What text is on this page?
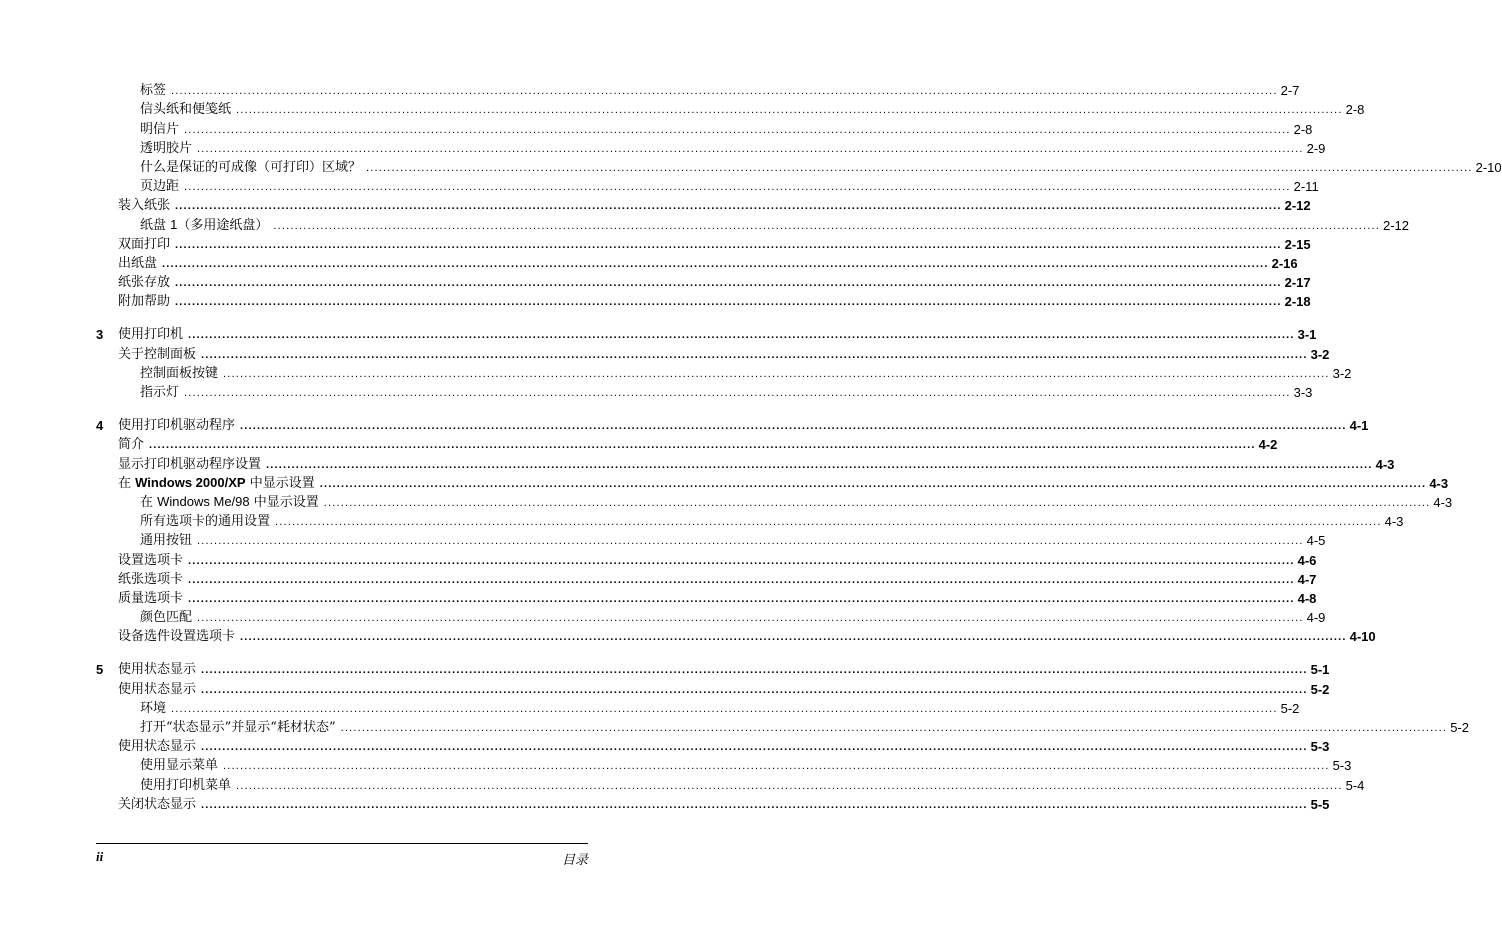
标签 .................................................................................................................................................................................................................................................................... 2-7
信头纸和便笺纸 .................................................................................................................................................................................................................................................................... 2-8
明信片 .................................................................................................................................................................................................................................................................... 2-8
透明胶片 .................................................................................................................................................................................................................................................................... 2-9
什么是保证的可成像（可打印）区域？ .................................................................................................................................................................................................................................................................... 2-10
页边距 .................................................................................................................................................................................................................................................................... 2-11
装入纸张 .................................................................................................................................................................................................................................................................... 2-12
纸盘 1（多用途纸盘） .................................................................................................................................................................................................................................................................... 2-12
双面打印 .................................................................................................................................................................................................................................................................... 2-15
出纸盘 .................................................................................................................................................................................................................................................................... 2-16
纸张存放 .................................................................................................................................................................................................................................................................... 2-17
附加帮助 .................................................................................................................................................................................................................................................................... 2-18
3 使用打印机 .................................................................................................................................................................................................................................................................... 3-1
关于控制面板 .................................................................................................................................................................................................................................................................... 3-2
控制面板按键 .................................................................................................................................................................................................................................................................... 3-2
指示灯 .................................................................................................................................................................................................................................................................... 3-3
4 使用打印机驱动程序 .................................................................................................................................................................................................................................................................... 4-1
简介 .................................................................................................................................................................................................................................................................... 4-2
显示打印机驱动程序设置 .................................................................................................................................................................................................................................................................... 4-3
在 Windows 2000/XP 中显示设置 .................................................................................................................................................................................................................................................................... 4-3
在 Windows Me/98 中显示设置 .................................................................................................................................................................................................................................................................... 4-3
所有选项卡的通用设置 .................................................................................................................................................................................................................................................................... 4-3
通用按钮 .................................................................................................................................................................................................................................................................... 4-5
设置选项卡 .................................................................................................................................................................................................................................................................... 4-6
纸张选项卡 .................................................................................................................................................................................................................................................................... 4-7
质量选项卡 .................................................................................................................................................................................................................................................................... 4-8
颜色匹配 .................................................................................................................................................................................................................................................................... 4-9
设备选件设置选项卡 .................................................................................................................................................................................................................................................................... 4-10
5 使用状态显示 .................................................................................................................................................................................................................................................................... 5-1
使用状态显示 .................................................................................................................................................................................................................................................................... 5-2
环境 .................................................................................................................................................................................................................................................................... 5-2
打开“状态显示”并显示“耗材状态” .................................................................................................................................................................................................................................................................... 5-2
使用状态显示 .................................................................................................................................................................................................................................................................... 5-3
使用显示菜单 .................................................................................................................................................................................................................................................................... 5-3
使用打印机菜单 .................................................................................................................................................................................................................................................................... 5-4
关闭状态显示 .................................................................................................................................................................................................................................................................... 5-5
ii	目录
